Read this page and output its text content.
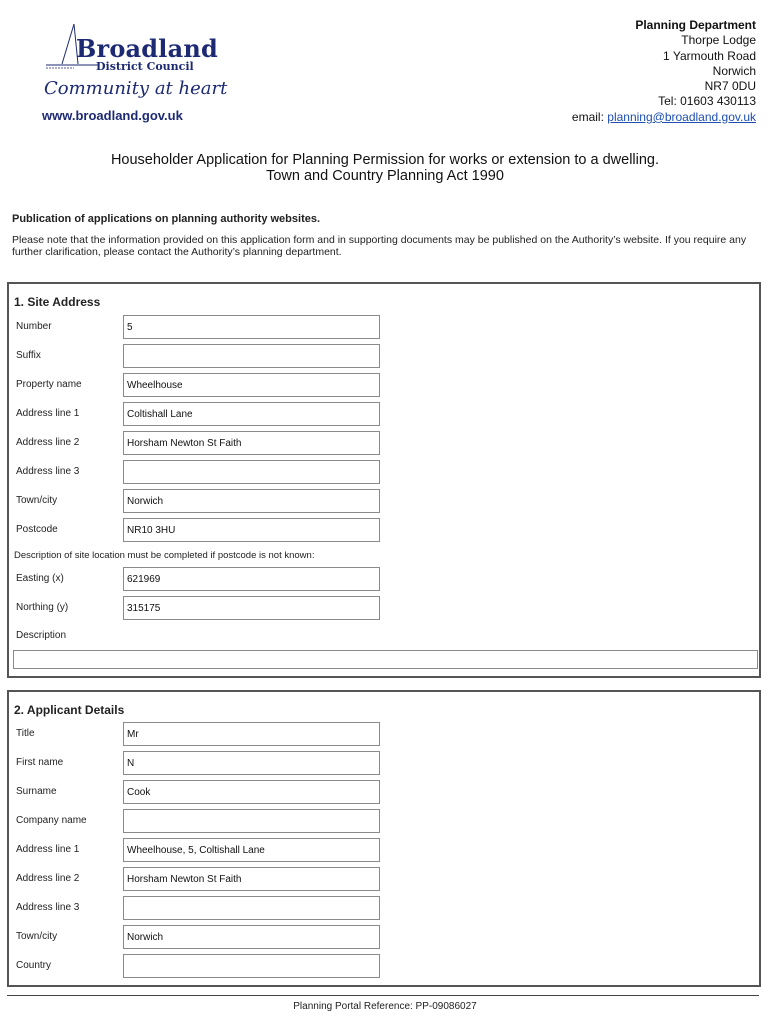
Broadland
District Council
Community at heart
www.broadland.gov.uk
Planning Department
Thorpe Lodge
1 Yarmouth Road
Norwich
NR7 0DU
Tel: 01603 430113
email: planning@broadland.gov.uk
Householder Application for Planning Permission for works or extension to a dwelling.
Town and Country Planning Act 1990
Publication of applications on planning authority websites.
Please note that the information provided on this application form and in supporting documents may be published on the Authority’s website. If you require any further clarification, please contact the Authority’s planning department.
1. Site Address
Number	5
Suffix
Property name	Wheelhouse
Address line 1	Coltishall Lane
Address line 2	Horsham Newton St Faith
Address line 3
Town/city	Norwich
Postcode	NR10 3HU
Description of site location must be completed if postcode is not known:
Easting (x)	621969
Northing (y)	315175
Description
2. Applicant Details
Title	Mr
First name	N
Surname	Cook
Company name
Address line 1	Wheelhouse, 5, Coltishall Lane
Address line 2	Horsham Newton St Faith
Address line 3
Town/city	Norwich
Country
Planning Portal Reference: PP-09086027
